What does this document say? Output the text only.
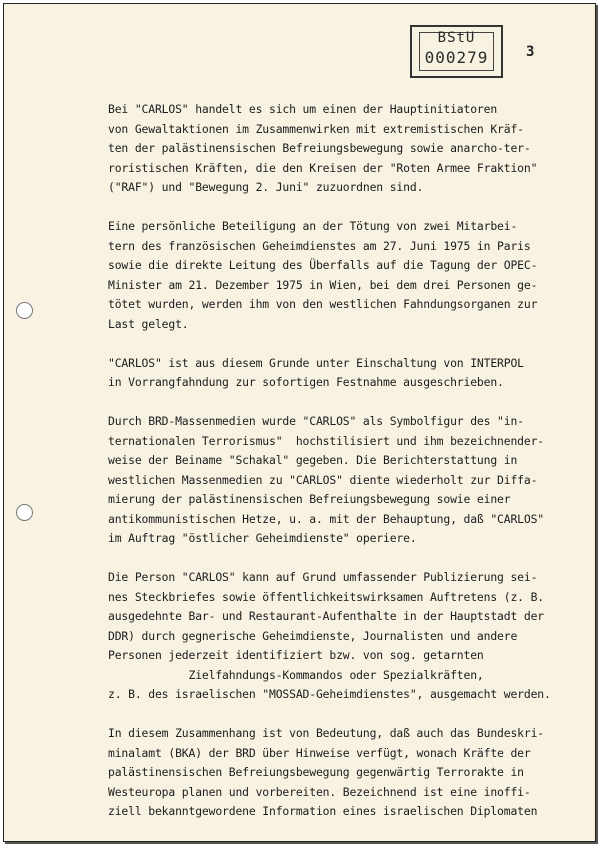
BStU
000279	3
Bei "CARLOS" handelt es sich um einen der Hauptinitiatoren
von Gewaltaktionen im Zusammenwirken mit extremistischen Kräf-
ten der palästinensischen Befreiungsbewegung sowie anarcho-ter-
roristischen Kräften, die den Kreisen der "Roten Armee Fraktion"
("RAF") und "Bewegung 2. Juni" zuzuordnen sind.
Eine persönliche Beteiligung an der Tötung von zwei Mitarbei-
tern des französischen Geheimdienstes am 27. Juni 1975 in Paris
sowie die direkte Leitung des Überfalls auf die Tagung der OPEC-
Minister am 21. Dezember 1975 in Wien, bei dem drei Personen ge-
tötet wurden, werden ihm von den westlichen Fahndungsorganen zur
Last gelegt.
"CARLOS" ist aus diesem Grunde unter Einschaltung von INTERPOL
in Vorrangfahndung zur sofortigen Festnahme ausgeschrieben.
Durch BRD-Massenmedien wurde "CARLOS" als Symbolfigur des "in-
ternationalen Terrorismus"  hochstilisiert und ihm bezeichnender-
weise der Beiname "Schakal" gegeben. Die Berichterstattung in
westlichen Massenmedien zu "CARLOS" diente wiederholt zur Diffa-
mierung der palästinensischen Befreiungsbewegung sowie einer
antikommunistischen Hetze, u. a. mit der Behauptung, daß "CARLOS"
im Auftrag "östlicher Geheimdienste" operiere.
Die Person "CARLOS" kann auf Grund umfassender Publizierung sei-
nes Steckbriefes sowie öffentlichkeitswirksamen Auftretens (z. B.
ausgedehnte Bar- und Restaurant-Aufenthalte in der Hauptstadt der
DDR) durch gegnerische Geheimdienste, Journalisten und andere
Personen jederzeit identifiziert bzw. von sog. getarnten
Zielfahndungs-Kommandos oder Spezialkräften,
z. B. des israelischen "MOSSAD-Geheimdienstes", ausgemacht werden.
In diesem Zusammenhang ist von Bedeutung, daß auch das Bundeskri-
minalamt (BKA) der BRD über Hinweise verfügt, wonach Kräfte der
palästinensischen Befreiungsbewegung gegenwärtig Terrorakte in
Westeuropa planen und vorbereiten. Bezeichnend ist eine inoffi-
ziell bekanntgewordene Information eines israelischen Diplomaten
